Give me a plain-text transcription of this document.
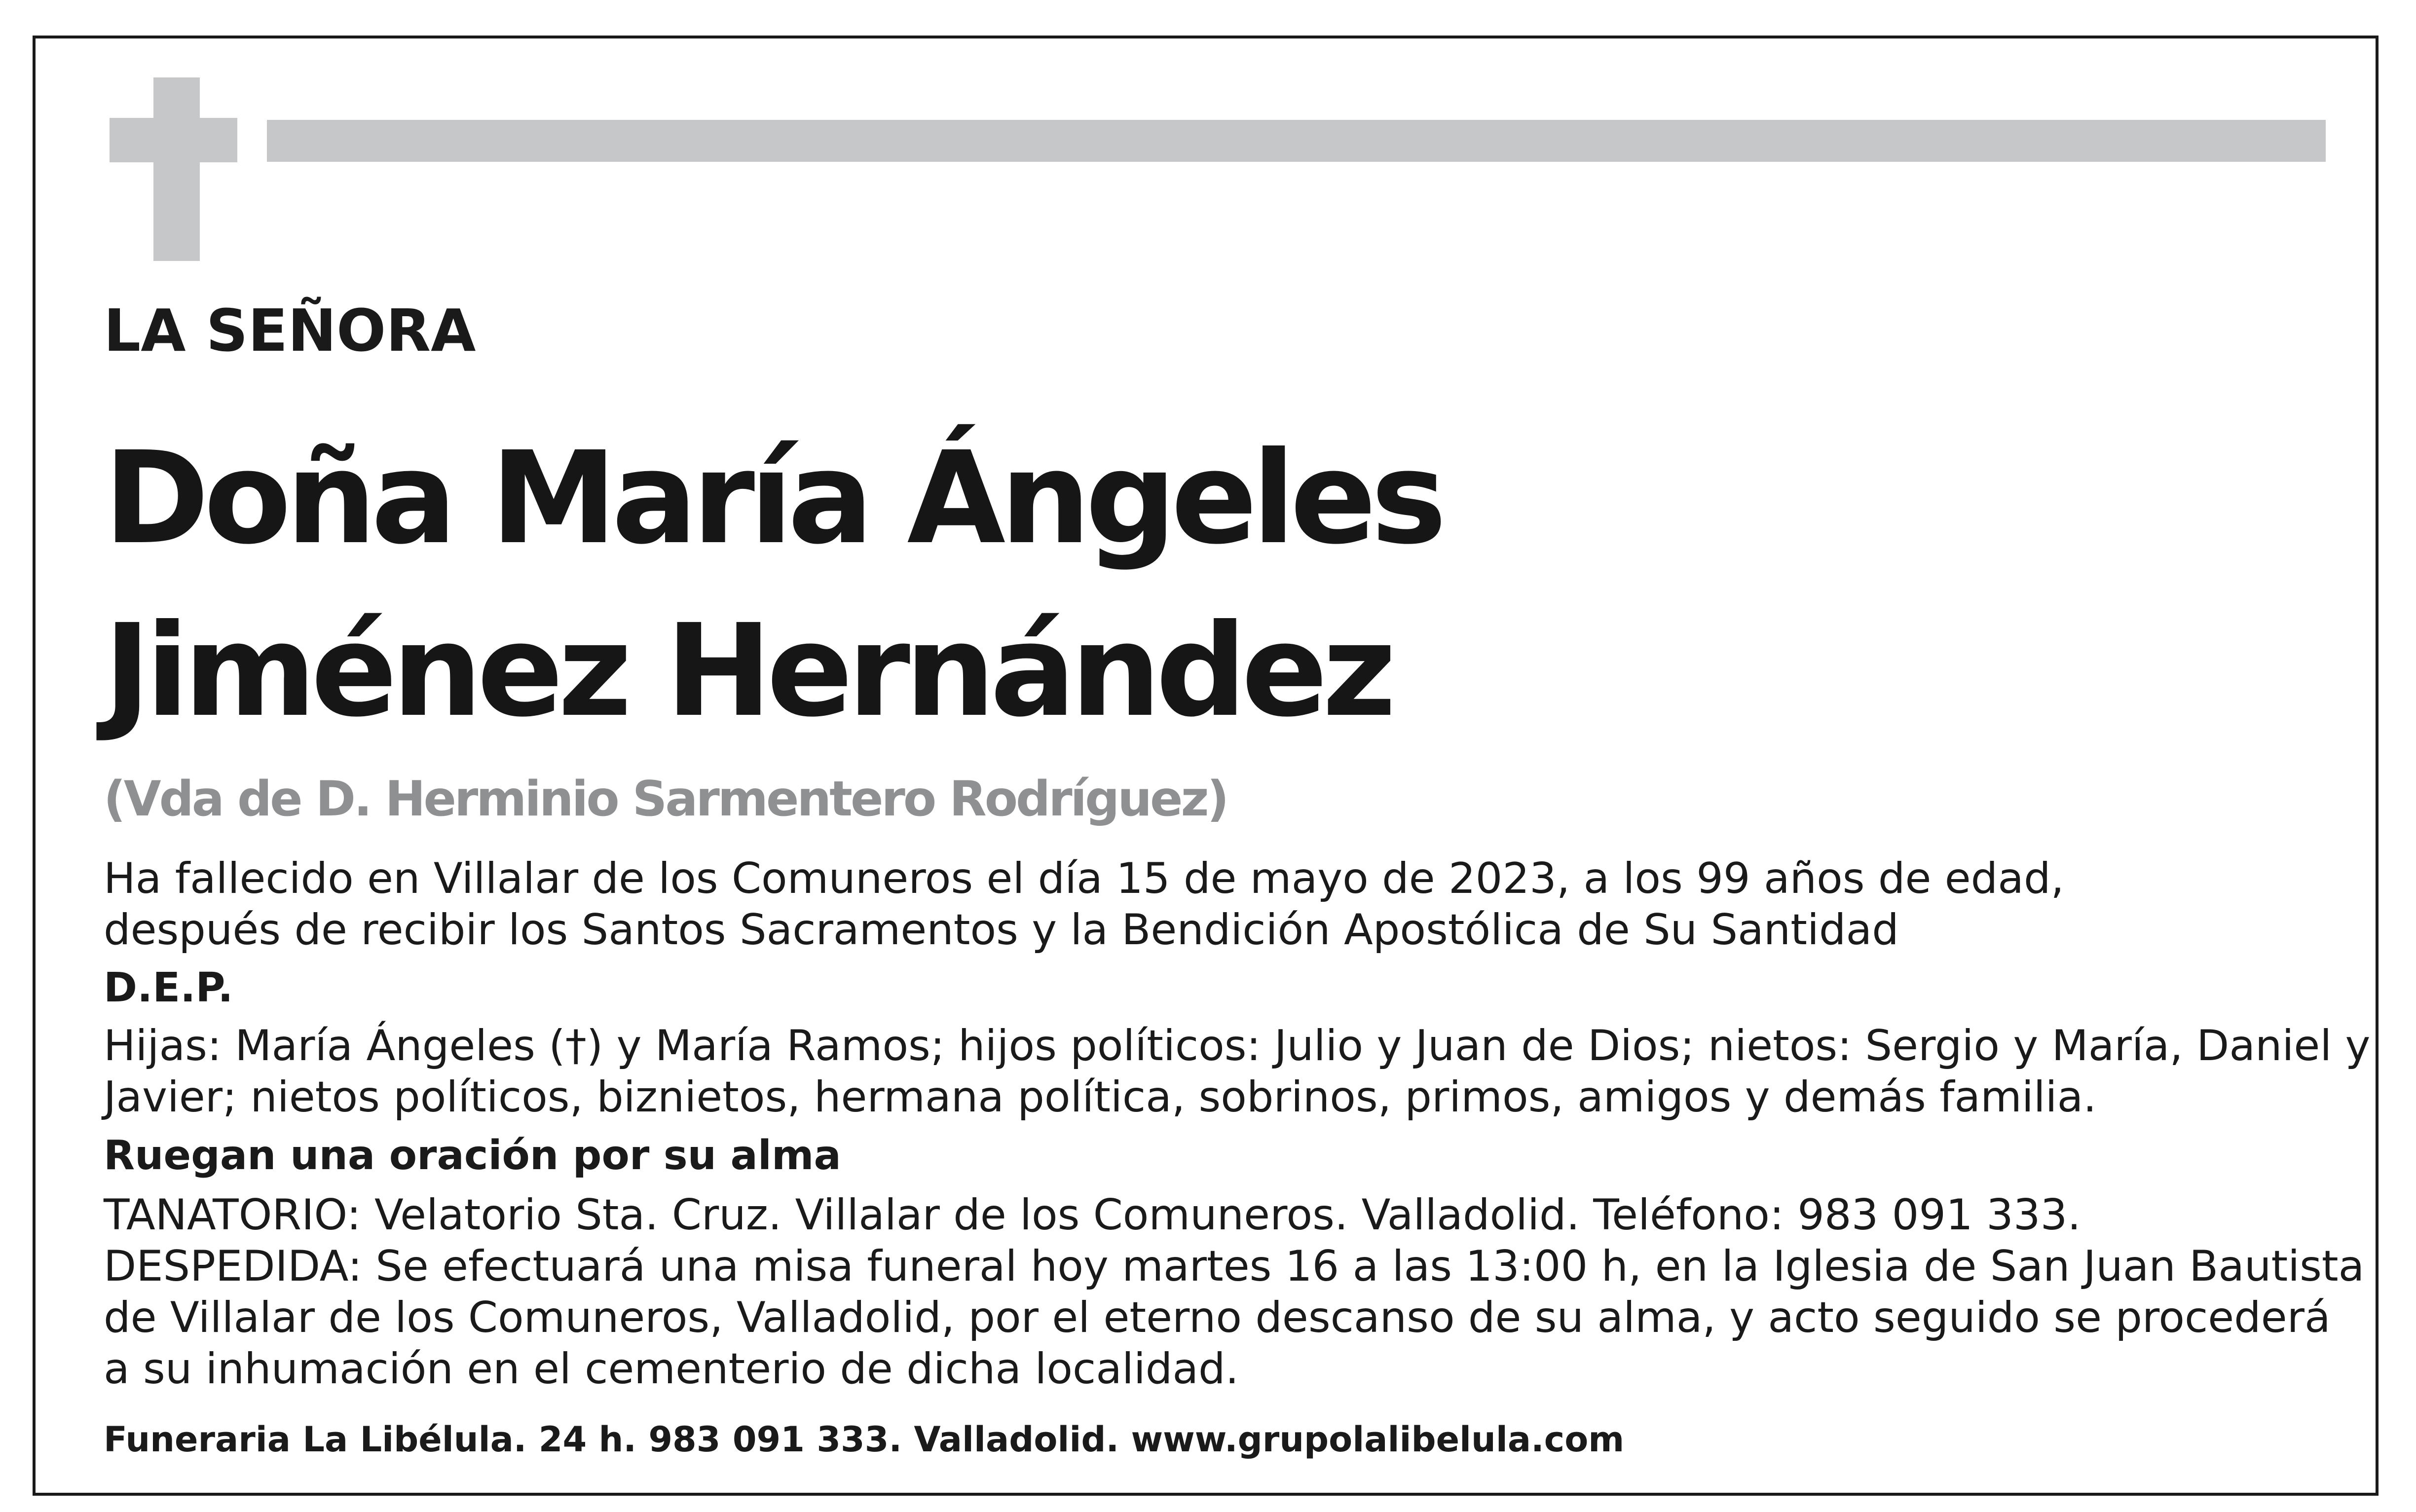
LA SEÑORA

Doña María Ángeles

Jiménez Hernández

(Vda de D. Herminio Sarmentero Rodríguez)

Ha fallecido en Villalar de los Comuneros el día 15 de mayo de 2023, a los 99 años de edad,

después de recibir los Santos Sacramentos y la Bendición Apostólica de Su Santidad

D.E.P.

Hijas: María Ángeles (†) y María Ramos; hijos políticos: Julio y Juan de Dios; nietos: Sergio y María, Daniel y

Javier; nietos políticos, biznietos, hermana política, sobrinos, primos, amigos y demás familia.

Ruegan una oración por su alma

TANATORIO: Velatorio Sta. Cruz. Villalar de los Comuneros. Valladolid. Teléfono: 983 091 333.

DESPEDIDA: Se efectuará una misa funeral hoy martes 16 a las 13:00 h, en la Iglesia de San Juan Bautista

de Villalar de los Comuneros, Valladolid, por el eterno descanso de su alma, y acto seguido se procederá

a su inhumación en el cementerio de dicha localidad.

Funeraria La Libélula. 24 h. 983 091 333. Valladolid. www.grupolalibelula.com
